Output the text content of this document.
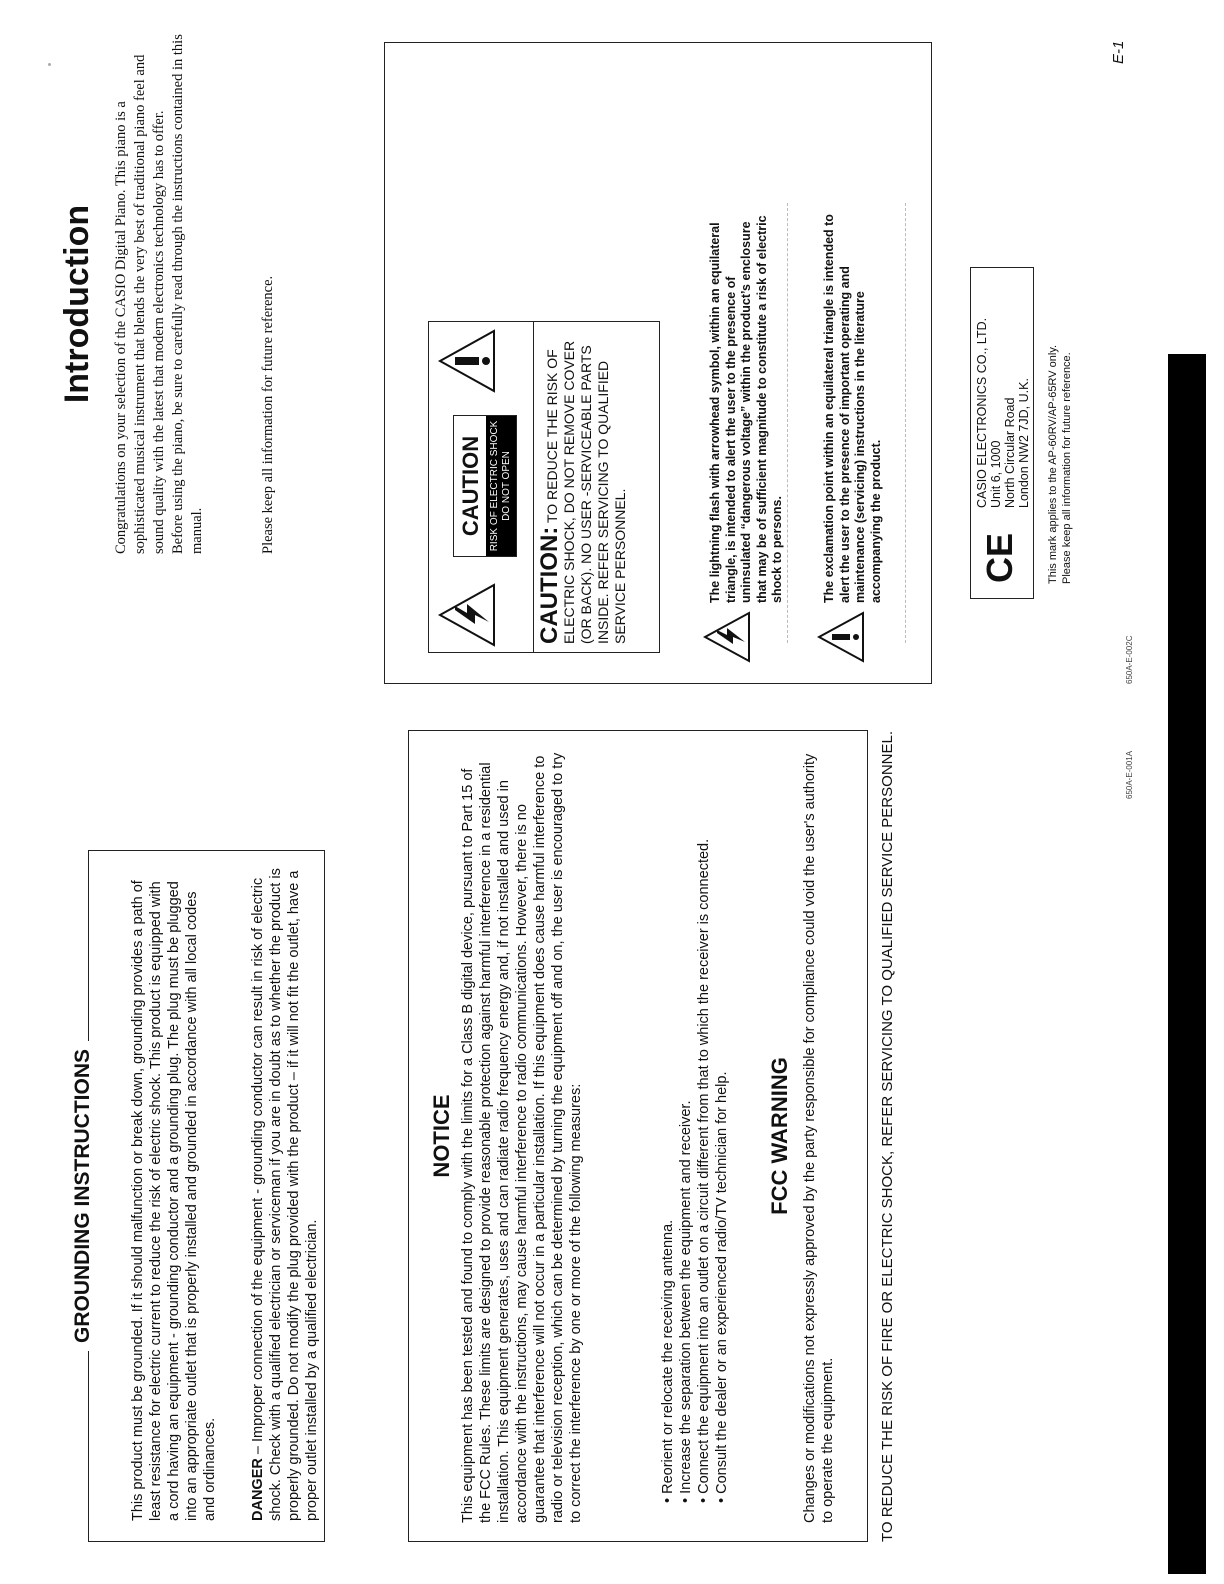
GROUNDING INSTRUCTIONS This product must be grounded. If it should malfunction or break down, grounding provides a path of least resistance for electric current to reduce the risk of electric shock. This product is equipped with a cord having an equipment - grounding conductor and a grounding plug. The plug must be plugged into an appropriate outlet that is properly installed and grounded in accordance with all local codes and ordinances. DANGER – Improper connection of the equipment - grounding conductor can result in risk of electric shock. Check with a qualified electrician or serviceman if you are in doubt as to whether the product is properly grounded. Do not modify the plug provided with the product – if it will not fit the outlet, have a proper outlet installed by a qualified electrician.
NOTICE This equipment has been tested and found to comply with the limits for a Class B digital device, pursuant to Part 15 of the FCC Rules. These limits are designed to provide reasonable protection against harmful interference in a residential installation. This equipment generates, uses and can radiate radio frequency energy and, if not installed and used in accordance with the instructions, may cause harmful interference to radio communications. However, there is no guarantee that interference will not occur in a particular installation. If this equipment does cause harmful interference to radio or television reception, which can be determined by turning the equipment off and on, the user is encouraged to try to correct the interference by one or more of the following measures:	• Reorient or relocate the receiving antenna. • Increase the separation between the equipment and receiver. • Connect the equipment into an outlet on a circuit different from that to which the receiver is connected. • Consult the dealer or an experienced radio/TV technician for help. FCC WARNING Changes or modifications not expressly approved by the party responsible for compliance could void the user's authority to operate the equipment.	TO REDUCE THE RISK OF FIRE OR ELECTRIC SHOCK, REFER SERVICING TO QUALIFIED SERVICE PERSONNEL.	650A-E-001A
650A-E-002C
Introduction Congratulations on your selection of the CASIO Digital Piano. This piano is a sophisticated musical instrument that blends the very best of traditional piano feel and sound quality with the latest that modern electronics technology has to offer. Before using the piano, be sure to carefully read through the instructions contained in this manual.	Please keep all information for future reference.	CAUTION RISK OF ELECTRIC SHOCK DO NOT OPEN
CAUTION: TO REDUCE THE RISK OF ELECTRIC SHOCK, DO NOT REMOVE COVER (OR BACK). NO USER -SERVICEABLE PARTS INSIDE. REFER SERVICING TO QUALIFIED SERVICE PERSONNEL.	The lightning flash with arrowhead symbol, within an equilateral triangle, is intended to alert the user to the presence of uninsulated “dangerous voltage” within the product’s enclosure that may be of sufficient magnitude to constitute a risk of electric shock to persons.	The exclamation point within an equilateral triangle is intended to alert the user to the presence of important operating and maintenance (servicing) instructions in the literature accompanying the product.	CE
CASIO ELECTRONICS CO., LTD. Unit 6, 1000 North Circular Road London NW2 7JD, U.K. This mark applies to the AP-60RV/AP-65RV only. Please keep all information for future reference.
E-1
